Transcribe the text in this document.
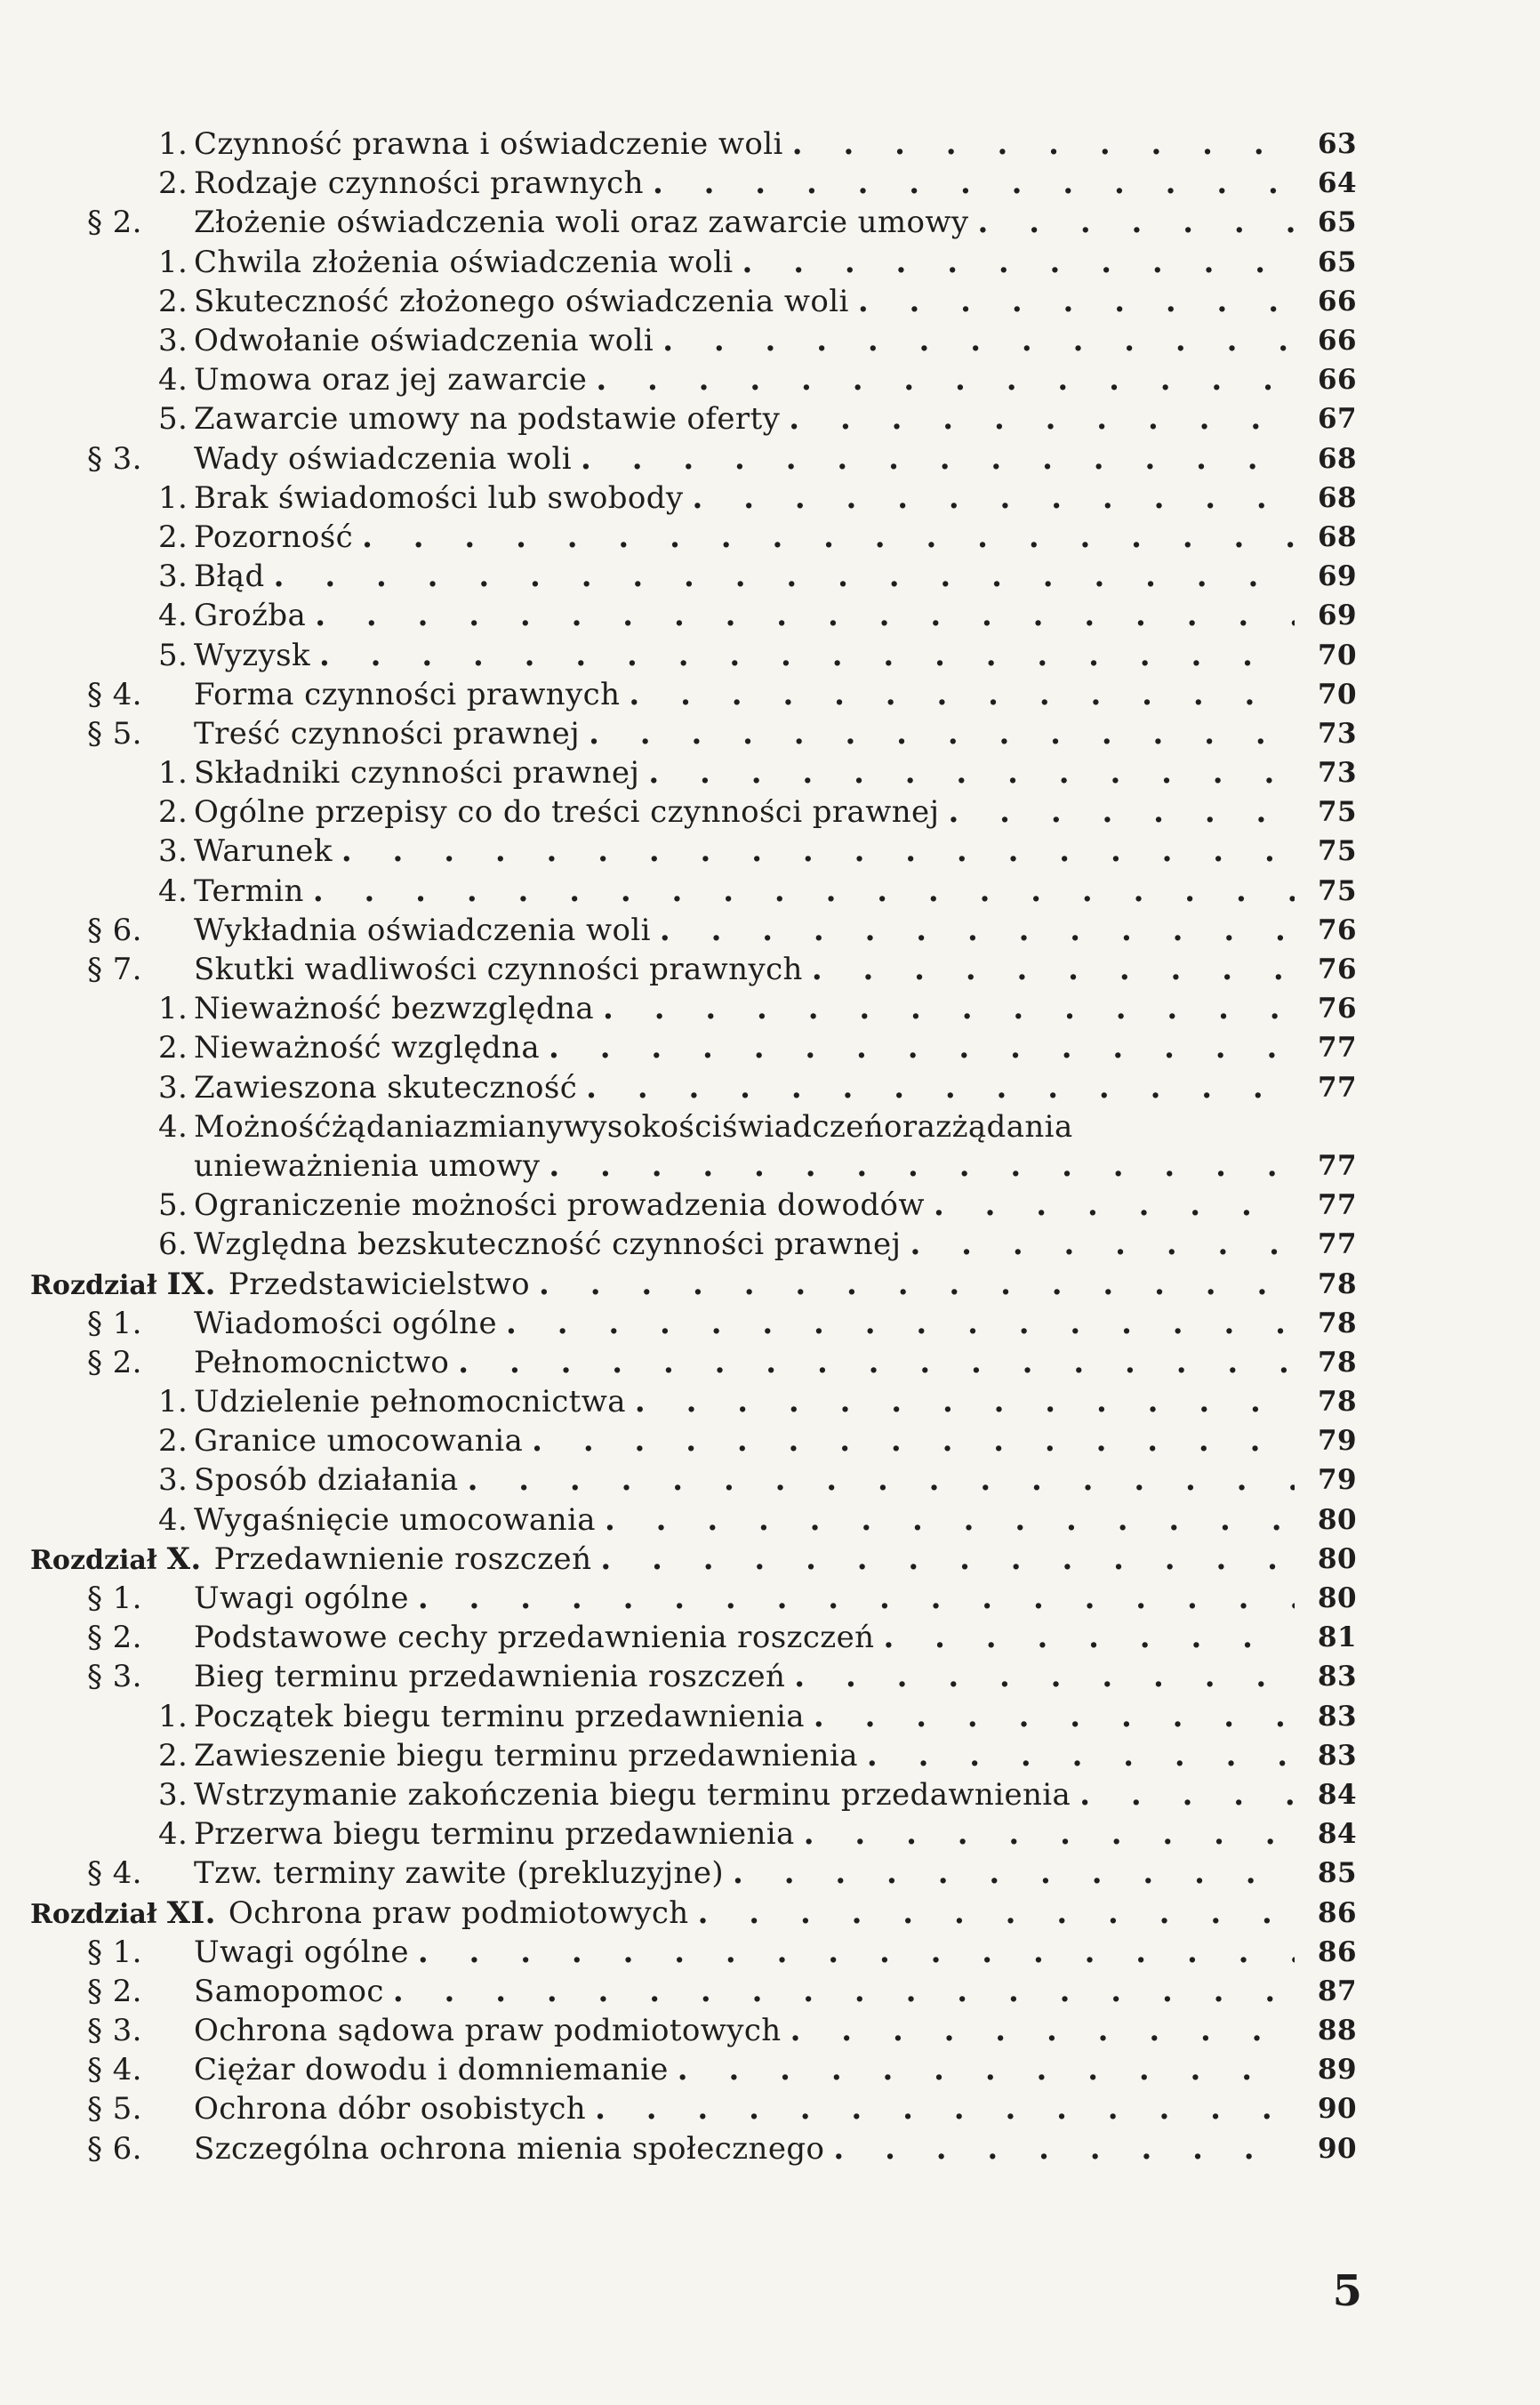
1. Czynność prawna i oświadczenie woli . . .	63
2. Rodzaje czynności prawnych . . .	64
§ 2.	Złożenie oświadczenia woli oraz zawarcie umowy . . .	65
1. Chwila złożenia oświadczenia woli . . .	65
2. Skuteczność złożonego oświadczenia woli . . .	66
3. Odwołanie oświadczenia woli . . .	66
4. Umowa oraz jej zawarcie . . .	66
5. Zawarcie umowy na podstawie oferty . . .	67
§ 3.	Wady oświadczenia woli . . .	68
1. Brak świadomości lub swobody . . .	68
2. Pozorność . . .	68
3. Błąd . . .	69
4. Groźba . . .	69
5. Wyzysk . . .	70
§ 4.	Forma czynności prawnych . . .	70
§ 5.	Treść czynności prawnej . . .	73
1. Składniki czynności prawnej . . .	73
2. Ogólne przepisy co do treści czynności prawnej . . .	75
3. Warunek . . .	75
4. Termin . . .	75
§ 6.	Wykładnia oświadczenia woli . . .	76
§ 7.	Skutki wadliwości czynności prawnych . . .	76
1. Nieważność bezwzględna . . .	76
2. Nieważność względna . . .	77
3. Zawieszona skuteczność . . .	77
4. Możnośćżądaniazmianywysokościświadczeńorazżądania
unieważnienia umowy . . .	77
5. Ograniczenie możności prowadzenia dowodów . . .	77
6. Względna bezskuteczność czynności prawnej . . .	77
Rozdział IX. Przedstawicielstwo . . .	78
§ 1.	Wiadomości ogólne . . .	78
§ 2.	Pełnomocnictwo . . .	78
1. Udzielenie pełnomocnictwa . . .	78
2. Granice umocowania . . .	79
3. Sposób działania . . .	79
4. Wygaśnięcie umocowania . . .	80
Rozdział X. Przedawnienie roszczeń . . .	80
§ 1.	Uwagi ogólne . . .	80
§ 2.	Podstawowe cechy przedawnienia roszczeń . . .	81
§ 3.	Bieg terminu przedawnienia roszczeń . . .	83
1. Początek biegu terminu przedawnienia . . .	83
2. Zawieszenie biegu terminu przedawnienia . . .	83
3. Wstrzymanie zakończenia biegu terminu przedawnienia . . .	84
4. Przerwa biegu terminu przedawnienia . . .	84
§ 4.	Tzw. terminy zawite (prekluzyjne) . . .	85
Rozdział XI. Ochrona praw podmiotowych . . .	86
§ 1.	Uwagi ogólne . . .	86
§ 2.	Samopomoc . . .	87
§ 3.	Ochrona sądowa praw podmiotowych . . .	88
§ 4.	Ciężar dowodu i domniemanie . . .	89
§ 5.	Ochrona dóbr osobistych . . .	90
§ 6.	Szczególna ochrona mienia społecznego . . .	90
5
